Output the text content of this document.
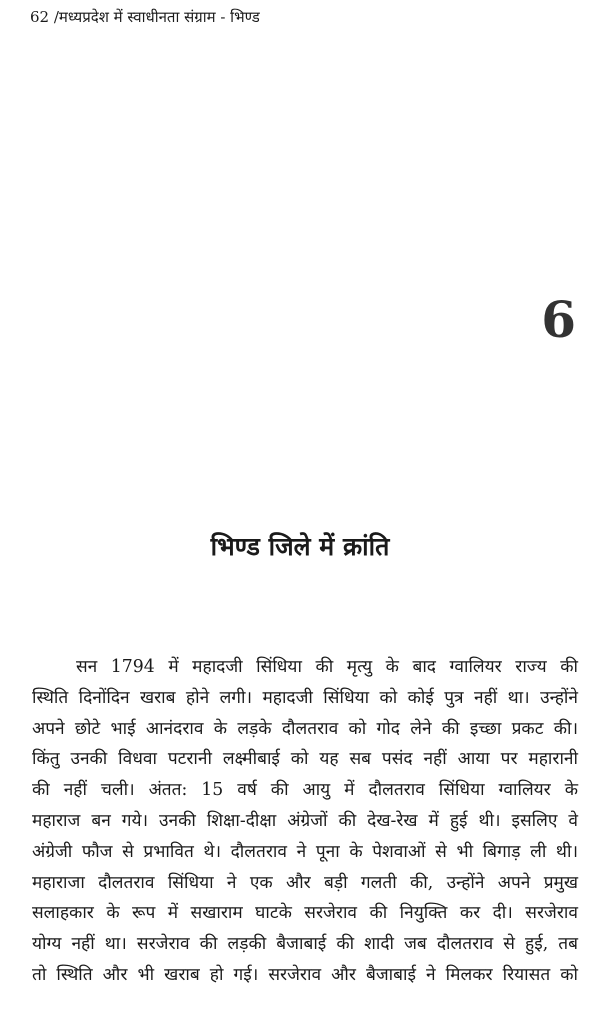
62 /मध्यप्रदेश में स्वाधीनता संग्राम - भिण्ड
6
भिण्ड जिले में क्रांति
सन 1794 में महादजी सिंधिया की मृत्यु के बाद ग्वालियर राज्य की
स्थिति दिनोंदिन खराब होने लगी। महादजी सिंधिया को कोई पुत्र नहीं था। उन्होंने
अपने छोटे भाई आनंदराव के लड़के दौलतराव को गोद लेने की इच्छा प्रकट की।
किंतु उनकी विधवा पटरानी लक्ष्मीबाई को यह सब पसंद नहीं आया पर महारानी
की नहीं चली। अंतत: 15 वर्ष की आयु में दौलतराव सिंधिया ग्वालियर के
महाराज बन गये। उनकी शिक्षा-दीक्षा अंग्रेजों की देख-रेख में हुई थी। इसलिए वे
अंग्रेजी फौज से प्रभावित थे। दौलतराव ने पूना के पेशवाओं से भी बिगाड़ ली थी।
महाराजा दौलतराव सिंधिया ने एक और बड़ी गलती की, उन्होंने अपने प्रमुख
सलाहकार के रूप में सखाराम घाटके सरजेराव की नियुक्ति कर दी। सरजेराव
योग्य नहीं था। सरजेराव की लड़की बैजाबाई की शादी जब दौलतराव से हुई, तब
तो स्थिति और भी खराब हो गई। सरजेराव और बैजाबाई ने मिलकर रियासत को
